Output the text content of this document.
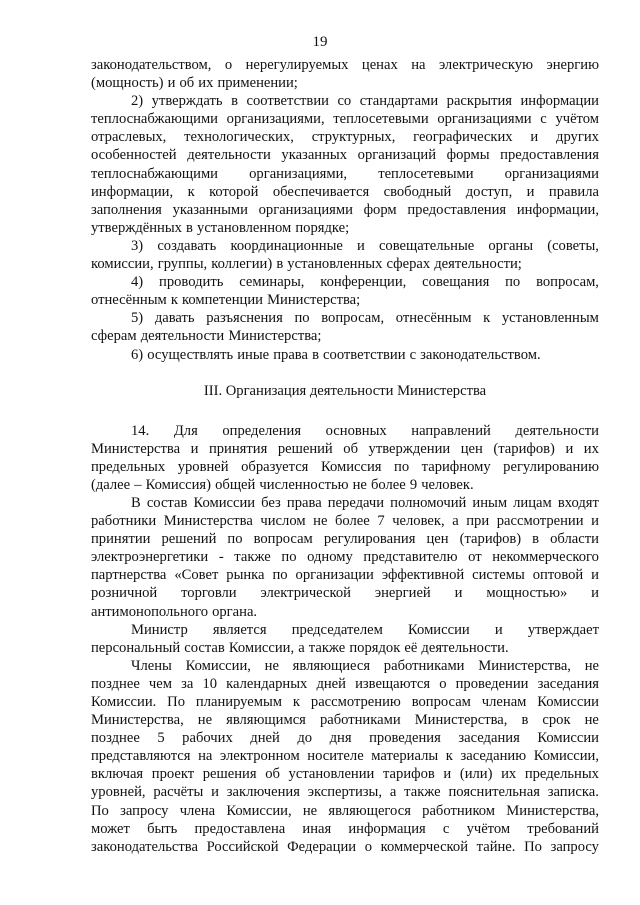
19
законодательством, о нерегулируемых ценах на электрическую энергию
(мощность) и об их применении;
2) утверждать в соответствии со стандартами раскрытия информации
теплоснабжающими организациями, теплосетевыми организациями с учётом
отраслевых, технологических, структурных, географических и других
особенностей деятельности указанных организаций формы предоставления
теплоснабжающими организациями, теплосетевыми организациями
информации, к которой обеспечивается свободный доступ, и правила
заполнения указанными организациями форм предоставления информации,
утверждённых в установленном порядке;
3) создавать координационные и совещательные органы (советы,
комиссии, группы, коллегии) в установленных сферах деятельности;
4) проводить семинары, конференции, совещания по вопросам,
отнесённым к компетенции Министерства;
5) давать разъяснения по вопросам, отнесённым к установленным
сферам деятельности Министерства;
6) осуществлять иные права в соответствии с законодательством.

III. Организация деятельности Министерства

14. Для определения основных направлений деятельности
Министерства и принятия решений об утверждении цен (тарифов) и их
предельных уровней образуется Комиссия по тарифному регулированию
(далее – Комиссия) общей численностью не более 9 человек.
В состав Комиссии без права передачи полномочий иным лицам входят
работники Министерства числом не более 7 человек, а при рассмотрении и
принятии решений по вопросам регулирования цен (тарифов) в области
электроэнергетики - также по одному представителю от некоммерческого
партнерства «Совет рынка по организации эффективной системы оптовой и
розничной торговли электрической энергией и мощностью» и
антимонопольного органа.
Министр является председателем Комиссии и утверждает
персональный состав Комиссии, а также порядок её деятельности.
Члены Комиссии, не являющиеся работниками Министерства, не
позднее чем за 10 календарных дней извещаются о проведении заседания
Комиссии. По планируемым к рассмотрению вопросам членам Комиссии
Министерства, не являющимся работниками Министерства, в срок не
позднее 5 рабочих дней до дня проведения заседания Комиссии
представляются на электронном носителе материалы к заседанию Комиссии,
включая проект решения об установлении тарифов и (или) их предельных
уровней, расчёты и заключения экспертизы, а также пояснительная записка.
По запросу члена Комиссии, не являющегося работником Министерства,
может быть предоставлена иная информация с учётом требований
законодательства Российской Федерации о коммерческой тайне. По запросу
